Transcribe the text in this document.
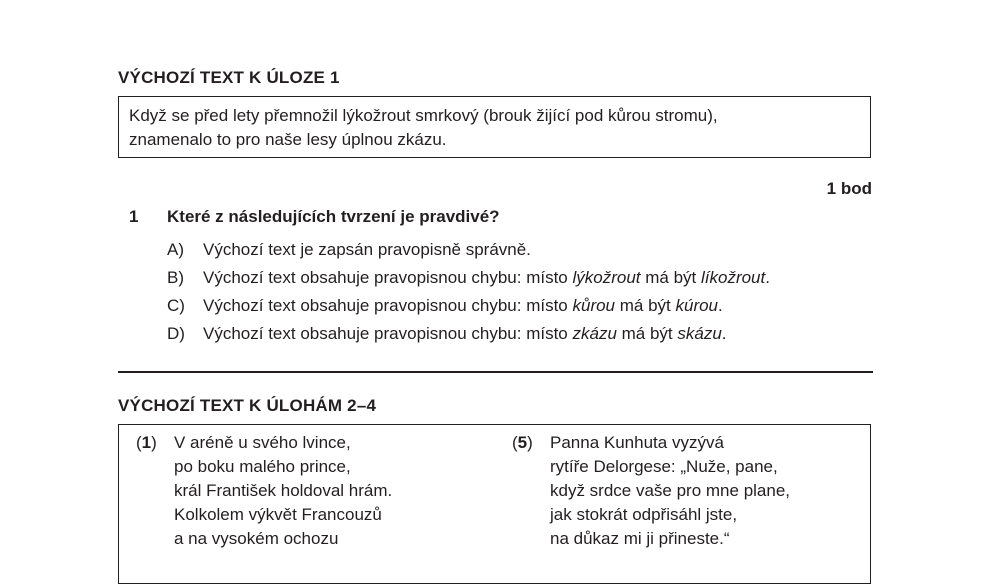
VÝCHOZÍ TEXT K ÚLOZE 1
Když se před lety přemnožil lýkožrout smrkový (brouk žijící pod kůrou stromu),
znamenalo to pro naše lesy úplnou zkázu.
1 bod
1 Které z následujících tvrzení je pravdivé?
A) Výchozí text je zapsán pravopisně správně.
B) Výchozí text obsahuje pravopisnou chybu: místo lýkožrout má být líkožrout.
C) Výchozí text obsahuje pravopisnou chybu: místo kůrou má být kúrou.
D) Výchozí text obsahuje pravopisnou chybu: místo zkázu má být skázu.
VÝCHOZÍ TEXT K ÚLOHÁM 2–4
(1) V aréně u svého lvince,
po boku malého prince,
král František holdoval hrám.
Kolkolem výkvět Francouzů
a na vysokém ochozu
(5) Panna Kunhuta vyzývá
rytíře Delorgese: „Nuže, pane,
když srdce vaše pro mne plane,
jak stokrát odpřisáhl jste,
na důkaz mi ji přineste.“
